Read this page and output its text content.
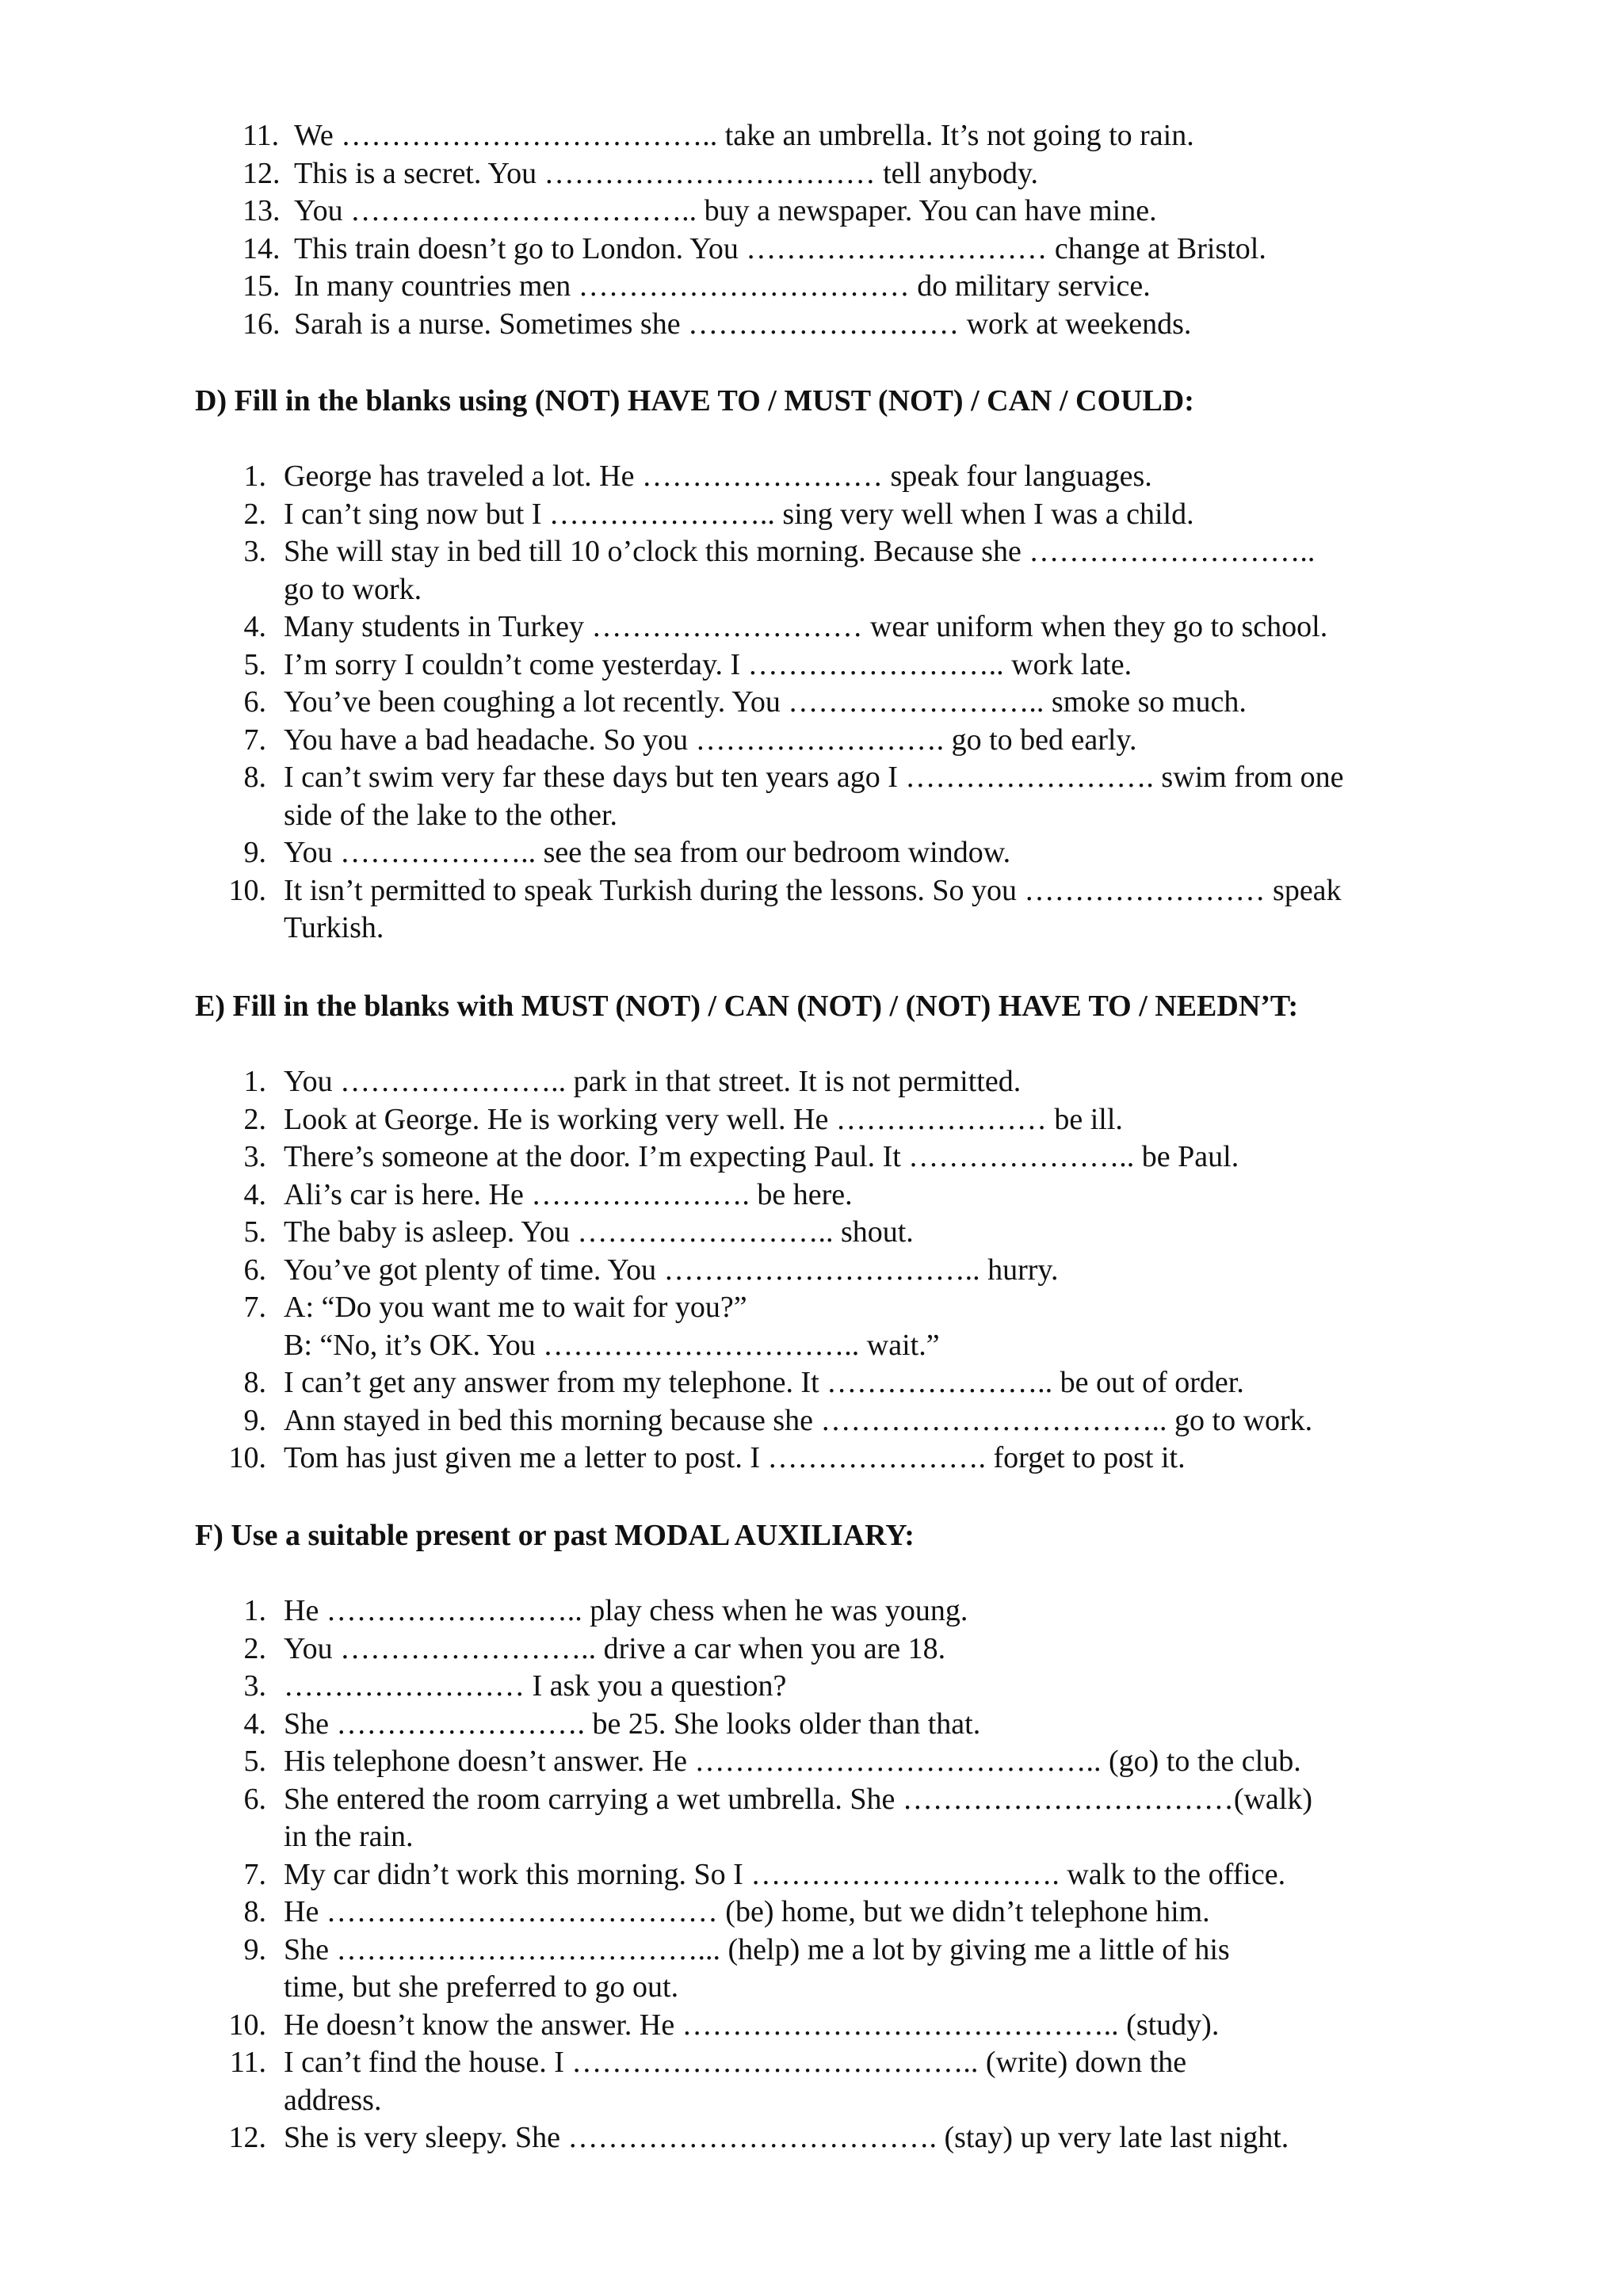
11. We ……………………………….. take an umbrella. It’s not going to rain.
12. This is a secret. You …………………………… tell anybody.
13. You …………………………….. buy a newspaper. You can have mine.
14. This train doesn’t go to London. You ………………………… change at Bristol.
15. In many countries men …………………………… do military service.
16. Sarah is a nurse. Sometimes she ……………………… work at weekends.
D) Fill in the blanks using (NOT) HAVE TO / MUST (NOT) / CAN / COULD:
1. George has traveled a lot. He …………………… speak four languages.
2. I can’t sing now but I ………………….. sing very well when I was a child.
3. She will stay in bed till 10 o’clock this morning. Because she ………………………..
go to work.
4. Many students in Turkey ……………………… wear uniform when they go to school.
5. I’m sorry I couldn’t come yesterday. I …………………….. work late.
6. You’ve been coughing a lot recently. You …………………….. smoke so much.
7. You have a bad headache. So you ……………………. go to bed early.
8. I can’t swim very far these days but ten years ago I ……………………. swim from one
side of the lake to the other.
9. You ……………….. see the sea from our bedroom window.
10. It isn’t permitted to speak Turkish during the lessons. So you …………………… speak
Turkish.
E) Fill in the blanks with MUST (NOT) / CAN (NOT) / (NOT) HAVE TO / NEEDN’T:
1. You ………………….. park in that street. It is not permitted.
2. Look at George. He is working very well. He ………………… be ill.
3. There’s someone at the door. I’m expecting Paul. It ………………….. be Paul.
4. Ali’s car is here. He …………………. be here.
5. The baby is asleep. You …………………….. shout.
6. You’ve got plenty of time. You ………………………….. hurry.
7. A: “Do you want me to wait for you?”
B: “No, it’s OK. You ………………………….. wait.”
8. I can’t get any answer from my telephone. It ………………….. be out of order.
9. Ann stayed in bed this morning because she …………………………….. go to work.
10. Tom has just given me a letter to post. I …………………. forget to post it.
F) Use a suitable present or past MODAL AUXILIARY:
1. He …………………….. play chess when he was young.
2. You …………………….. drive a car when you are 18.
3. …………………… I ask you a question?
4. She ……………………. be 25. She looks older than that.
5. His telephone doesn’t answer. He ………………………………….. (go) to the club.
6. She entered the room carrying a wet umbrella. She ……………………………(walk)
in the rain.
7. My car didn’t work this morning. So I …………………………. walk to the office.
8. He ………………………………… (be) home, but we didn’t telephone him.
9. She ………………………………... (help) me a lot by giving me a little of his
time, but she preferred to go out.
10. He doesn’t know the answer. He …………………………………….. (study).
11. I can’t find the house. I ………………………………….. (write) down the
address.
12. She is very sleepy. She ………………………………. (stay) up very late last night.
